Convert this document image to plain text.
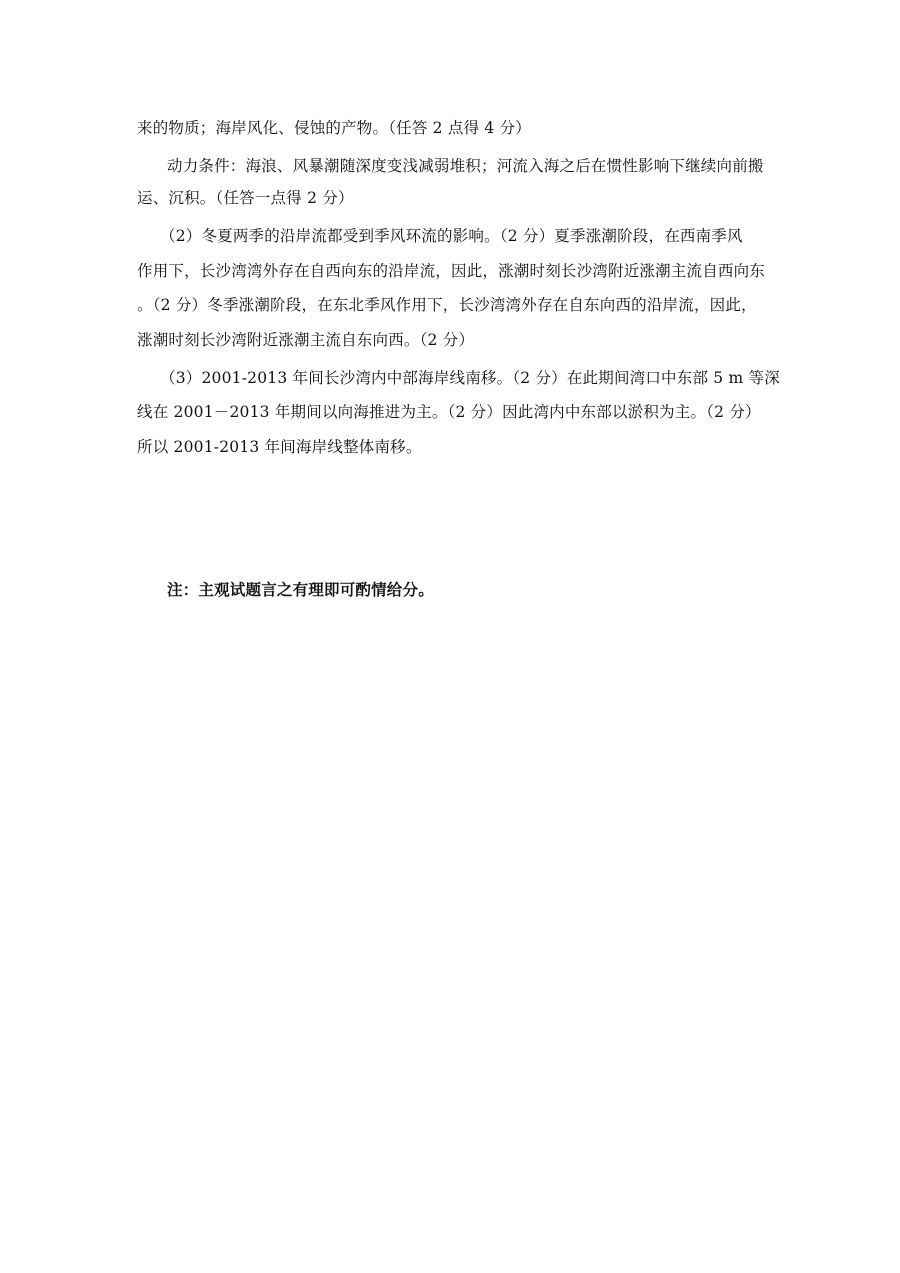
来的物质；海岸风化、侵蚀的产物。（任答 2 点得 4 分）
动力条件：海浪、风暴潮随深度变浅减弱堆积；河流入海之后在惯性影响下继续向前搬
运、沉积。（任答一点得 2 分）
（2）冬夏两季的沿岸流都受到季风环流的影响。（2 分）夏季涨潮阶段，在西南季风
作用下，长沙湾湾外存在自西向东的沿岸流，因此，涨潮时刻长沙湾附近涨潮主流自西向东
。（2 分）冬季涨潮阶段，在东北季风作用下，长沙湾湾外存在自东向西的沿岸流，因此，
涨潮时刻长沙湾附近涨潮主流自东向西。（2 分）
（3）2001-2013 年间长沙湾内中部海岸线南移。（2 分）在此期间湾口中东部 5 m 等深
线在 2001－2013 年期间以向海推进为主。（2 分）因此湾内中东部以淤积为主。（2 分）
所以 2001-2013 年间海岸线整体南移。
注：主观试题言之有理即可酌情给分。
